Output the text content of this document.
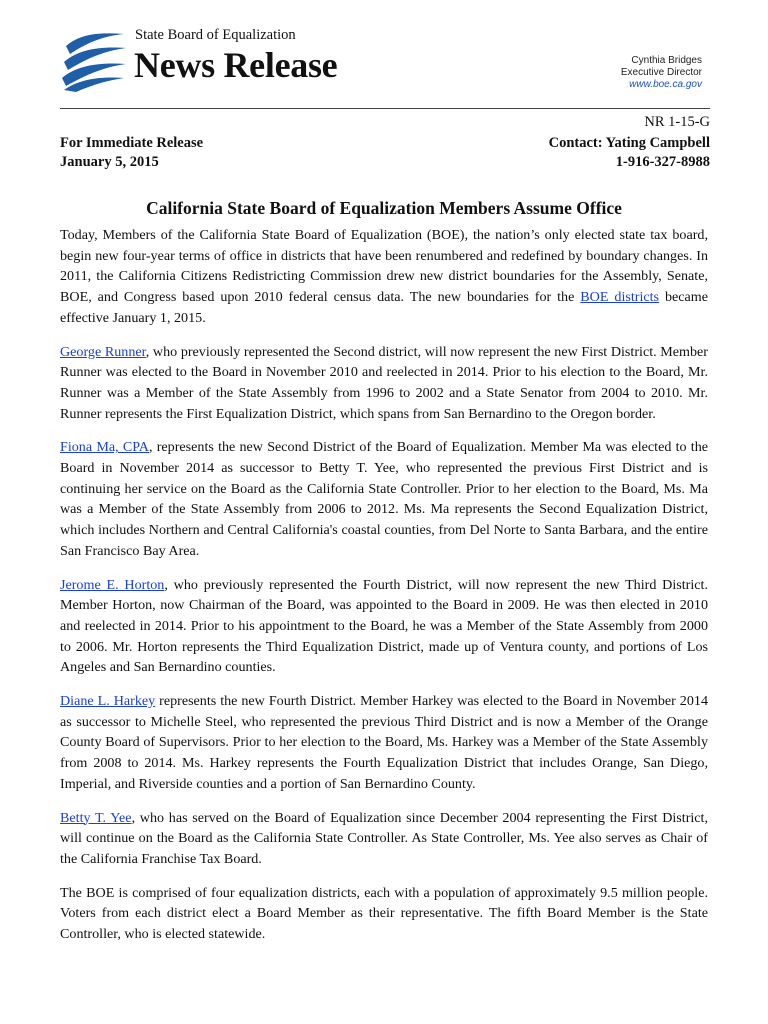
State Board of Equalization
News Release	Cynthia Bridges
Executive Director
www.boe.ca.gov
NR 1-15-G
For Immediate Release
January 5, 2015
Contact: Yating Campbell
1-916-327-8988
California State Board of Equalization Members Assume Office

Today, Members of the California State Board of Equalization (BOE), the nation’s only elected state tax board, begin new four-year terms of office in districts that have been renumbered and redefined by boundary changes. In 2011, the California Citizens Redistricting Commission drew new district boundaries for the Assembly, Senate, BOE, and Congress based upon 2010 federal census data. The new boundaries for the BOE districts became effective January 1, 2015.

George Runner, who previously represented the Second district, will now represent the new First District. Member Runner was elected to the Board in November 2010 and reelected in 2014. Prior to his election to the Board, Mr. Runner was a Member of the State Assembly from 1996 to 2002 and a State Senator from 2004 to 2010. Mr. Runner represents the First Equalization District, which spans from San Bernardino to the Oregon border.

Fiona Ma, CPA, represents the new Second District of the Board of Equalization. Member Ma was elected to the Board in November 2014 as successor to Betty T. Yee, who represented the previous First District and is continuing her service on the Board as the California State Controller. Prior to her election to the Board, Ms. Ma was a Member of the State Assembly from 2006 to 2012. Ms. Ma represents the Second Equalization District, which includes Northern and Central California's coastal counties, from Del Norte to Santa Barbara, and the entire San Francisco Bay Area.

Jerome E. Horton, who previously represented the Fourth District, will now represent the new Third District. Member Horton, now Chairman of the Board, was appointed to the Board in 2009. He was then elected in 2010 and reelected in 2014. Prior to his appointment to the Board, he was a Member of the State Assembly from 2000 to 2006. Mr. Horton represents the Third Equalization District, made up of Ventura county, and portions of Los Angeles and San Bernardino counties.

Diane L. Harkey represents the new Fourth District. Member Harkey was elected to the Board in November 2014 as successor to Michelle Steel, who represented the previous Third District and is now a Member of the Orange County Board of Supervisors. Prior to her election to the Board, Ms. Harkey was a Member of the State Assembly from 2008 to 2014. Ms. Harkey represents the Fourth Equalization District that includes Orange, San Diego, Imperial, and Riverside counties and a portion of San Bernardino County.

Betty T. Yee, who has served on the Board of Equalization since December 2004 representing the First District, will continue on the Board as the California State Controller. As State Controller, Ms. Yee also serves as Chair of the California Franchise Tax Board.

The BOE is comprised of four equalization districts, each with a population of approximately 9.5 million people. Voters from each district elect a Board Member as their representative. The fifth Board Member is the State Controller, who is elected statewide.
